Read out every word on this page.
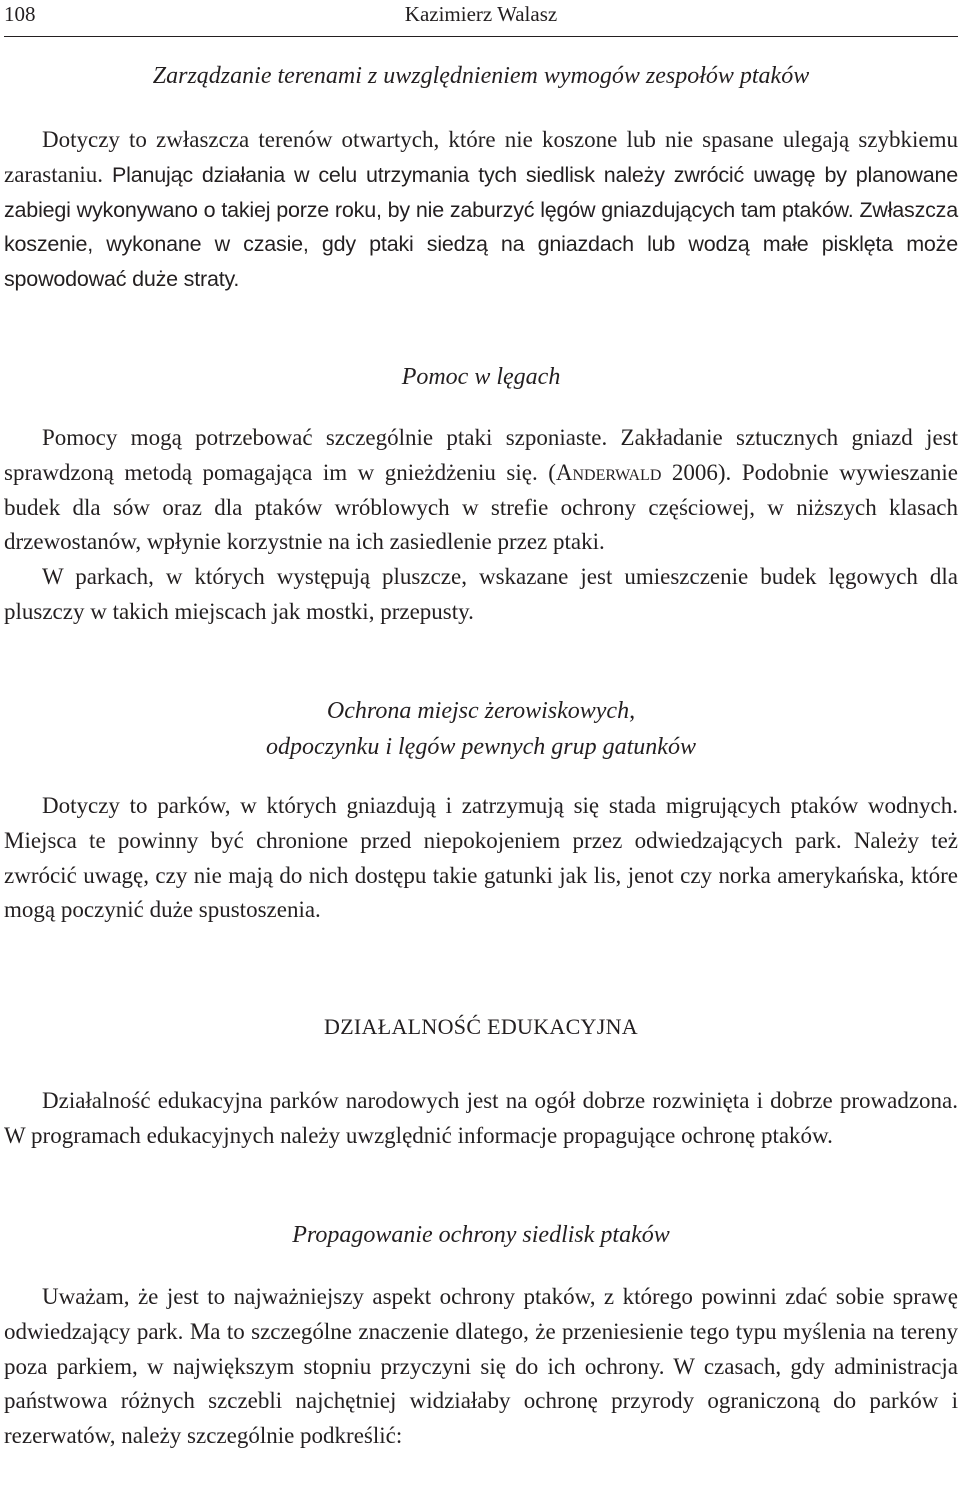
108	Kazimierz Walasz
Zarządzanie terenami z uwzględnieniem wymogów zespołów ptaków

Dotyczy to zwłaszcza terenów otwartych, które nie koszone lub nie spasane ulegają szybkiemu zarastaniu. Planując działania w celu utrzymania tych siedlisk należy zwrócić uwagę by planowane zabiegi wykonywano o takiej porze roku, by nie zaburzyć lęgów gniazdujących tam ptaków. Zwłaszcza koszenie, wykonane w czasie, gdy ptaki siedzą na gniazdach lub wodzą małe pisklęta może spowodować duże straty.

Pomoc w lęgach

Pomocy mogą potrzebować szczególnie ptaki szponiaste. Zakładanie sztucznych gniazd jest sprawdzoną metodą pomagająca im w gnieżdżeniu się. (Anderwald 2006). Podobnie wywieszanie budek dla sów oraz dla ptaków wróblowych w strefie ochrony częściowej, w niższych klasach drzewostanów, wpłynie korzystnie na ich zasiedlenie przez ptaki.

W parkach, w których występują pluszcze, wskazane jest umieszczenie budek lęgowych dla pluszczy w takich miejscach jak mostki, przepusty.

Ochrona miejsc żerowiskowych,
odpoczynku i lęgów pewnych grup gatunków

Dotyczy to parków, w których gniazdują i zatrzymują się stada migrujących ptaków wodnych. Miejsca te powinny być chronione przed niepokojeniem przez odwiedzających park. Należy też zwrócić uwagę, czy nie mają do nich dostępu takie gatunki jak lis, jenot czy norka amerykańska, które mogą poczynić duże spustoszenia.

DZIAŁALNOŚĆ EDUKACYJNA

Działalność edukacyjna parków narodowych jest na ogół dobrze rozwinięta i dobrze prowadzona. W programach edukacyjnych należy uwzględnić informacje propagujące ochronę ptaków.

Propagowanie ochrony siedlisk ptaków

Uważam, że jest to najważniejszy aspekt ochrony ptaków, z którego powinni zdać sobie sprawę odwiedzający park. Ma to szczególne znaczenie dlatego, że przeniesienie tego typu myślenia na tereny poza parkiem, w największym stopniu przyczyni się do ich ochrony. W czasach, gdy administracja państwowa różnych szczebli najchętniej widziałaby ochronę przyrody ograniczoną do parków i rezerwatów, należy szczególnie podkreślić:
